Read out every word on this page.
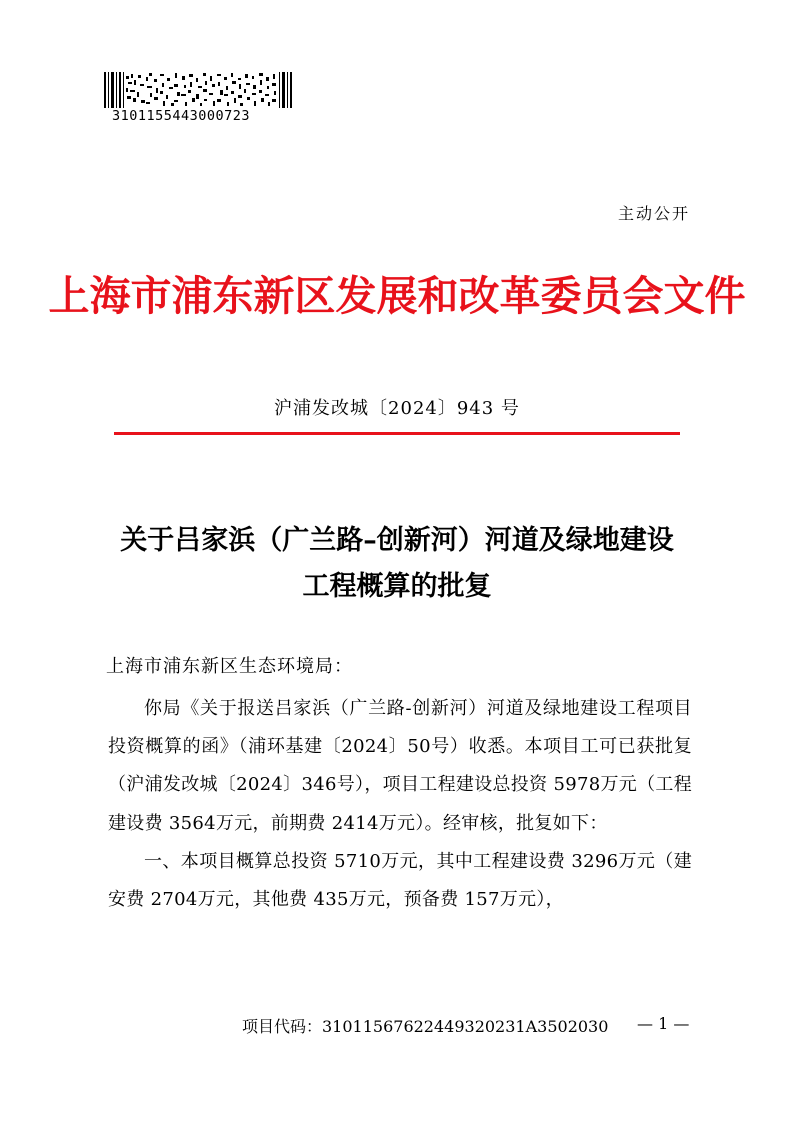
3101155443000723
主动公开
上海市浦东新区发展和改革委员会文件
沪浦发改城〔2024〕943 号
关于吕家浜（广兰路–创新河）河道及绿地建设
工程概算的批复
上海市浦东新区生态环境局：

你局《关于报送吕家浜（广兰路-创新河）河道及绿地建设工程项目投资概算的函》（浦环基建〔2024〕50号）收悉。本项目工可已获批复（沪浦发改城〔2024〕346号），项目工程建设总投资 5978万元（工程建设费 3564万元，前期费 2414万元）。经审核，批复如下：

一、本项目概算总投资 5710万元，其中工程建设费 3296万元（建安费 2704万元，其他费 435万元，预备费 157万元），

项目代码：31011567622449320231A3502030 — 1 —
